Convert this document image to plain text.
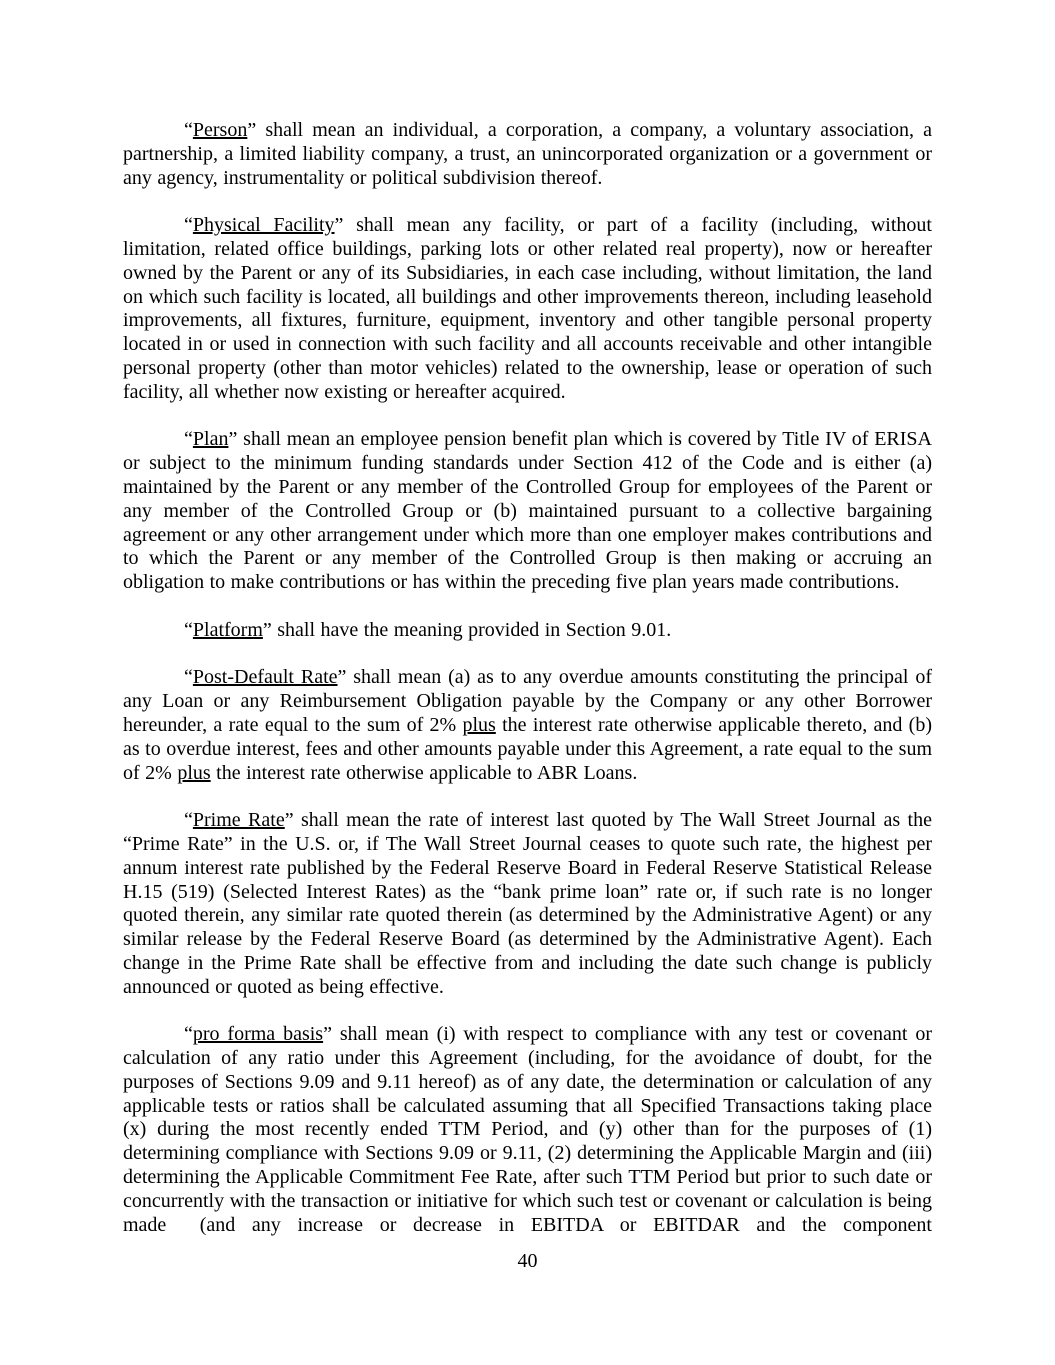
“Person” shall mean an individual, a corporation, a company, a voluntary association, a partnership, a limited liability company, a trust, an unincorporated organization or a government or any agency, instrumentality or political subdivision thereof.

“Physical Facility” shall mean any facility, or part of a facility (including, without limitation, related office buildings, parking lots or other related real property), now or hereafter owned by the Parent or any of its Subsidiaries, in each case including, without limitation, the land on which such facility is located, all buildings and other improvements thereon, including leasehold improvements, all fixtures, furniture, equipment, inventory and other tangible personal property located in or used in connection with such facility and all accounts receivable and other intangible personal property (other than motor vehicles) related to the ownership, lease or operation of such facility, all whether now existing or hereafter acquired.

“Plan” shall mean an employee pension benefit plan which is covered by Title IV of ERISA or subject to the minimum funding standards under Section 412 of the Code and is either (a) maintained by the Parent or any member of the Controlled Group for employees of the Parent or any member of the Controlled Group or (b) maintained pursuant to a collective bargaining agreement or any other arrangement under which more than one employer makes contributions and to which the Parent or any member of the Controlled Group is then making or accruing an obligation to make contributions or has within the preceding five plan years made contributions.

“Platform” shall have the meaning provided in Section 9.01.

“Post-Default Rate” shall mean (a) as to any overdue amounts constituting the principal of any Loan or any Reimbursement Obligation payable by the Company or any other Borrower hereunder, a rate equal to the sum of 2% plus the interest rate otherwise applicable thereto, and (b) as to overdue interest, fees and other amounts payable under this Agreement, a rate equal to the sum of 2% plus the interest rate otherwise applicable to ABR Loans.

“Prime Rate” shall mean the rate of interest last quoted by The Wall Street Journal as the “Prime Rate” in the U.S. or, if The Wall Street Journal ceases to quote such rate, the highest per annum interest rate published by the Federal Reserve Board in Federal Reserve Statistical Release H.15 (519) (Selected Interest Rates) as the “bank prime loan” rate or, if such rate is no longer quoted therein, any similar rate quoted therein (as determined by the Administrative Agent) or any similar release by the Federal Reserve Board (as determined by the Administrative Agent). Each change in the Prime Rate shall be effective from and including the date such change is publicly announced or quoted as being effective.

“pro forma basis” shall mean (i) with respect to compliance with any test or covenant or calculation of any ratio under this Agreement (including, for the avoidance of doubt, for the purposes of Sections 9.09 and 9.11 hereof) as of any date, the determination or calculation of any applicable tests or ratios shall be calculated assuming that all Specified Transactions taking place (x) during the most recently ended TTM Period, and (y) other than for the purposes of (1) determining compliance with Sections 9.09 or 9.11, (2) determining the Applicable Margin and (iii) determining the Applicable Commitment Fee Rate, after such TTM Period but prior to such date or concurrently with the transaction or initiative for which such test or covenant or calculation is being made  (and any increase or decrease in EBITDA or EBITDAR and the component

40
